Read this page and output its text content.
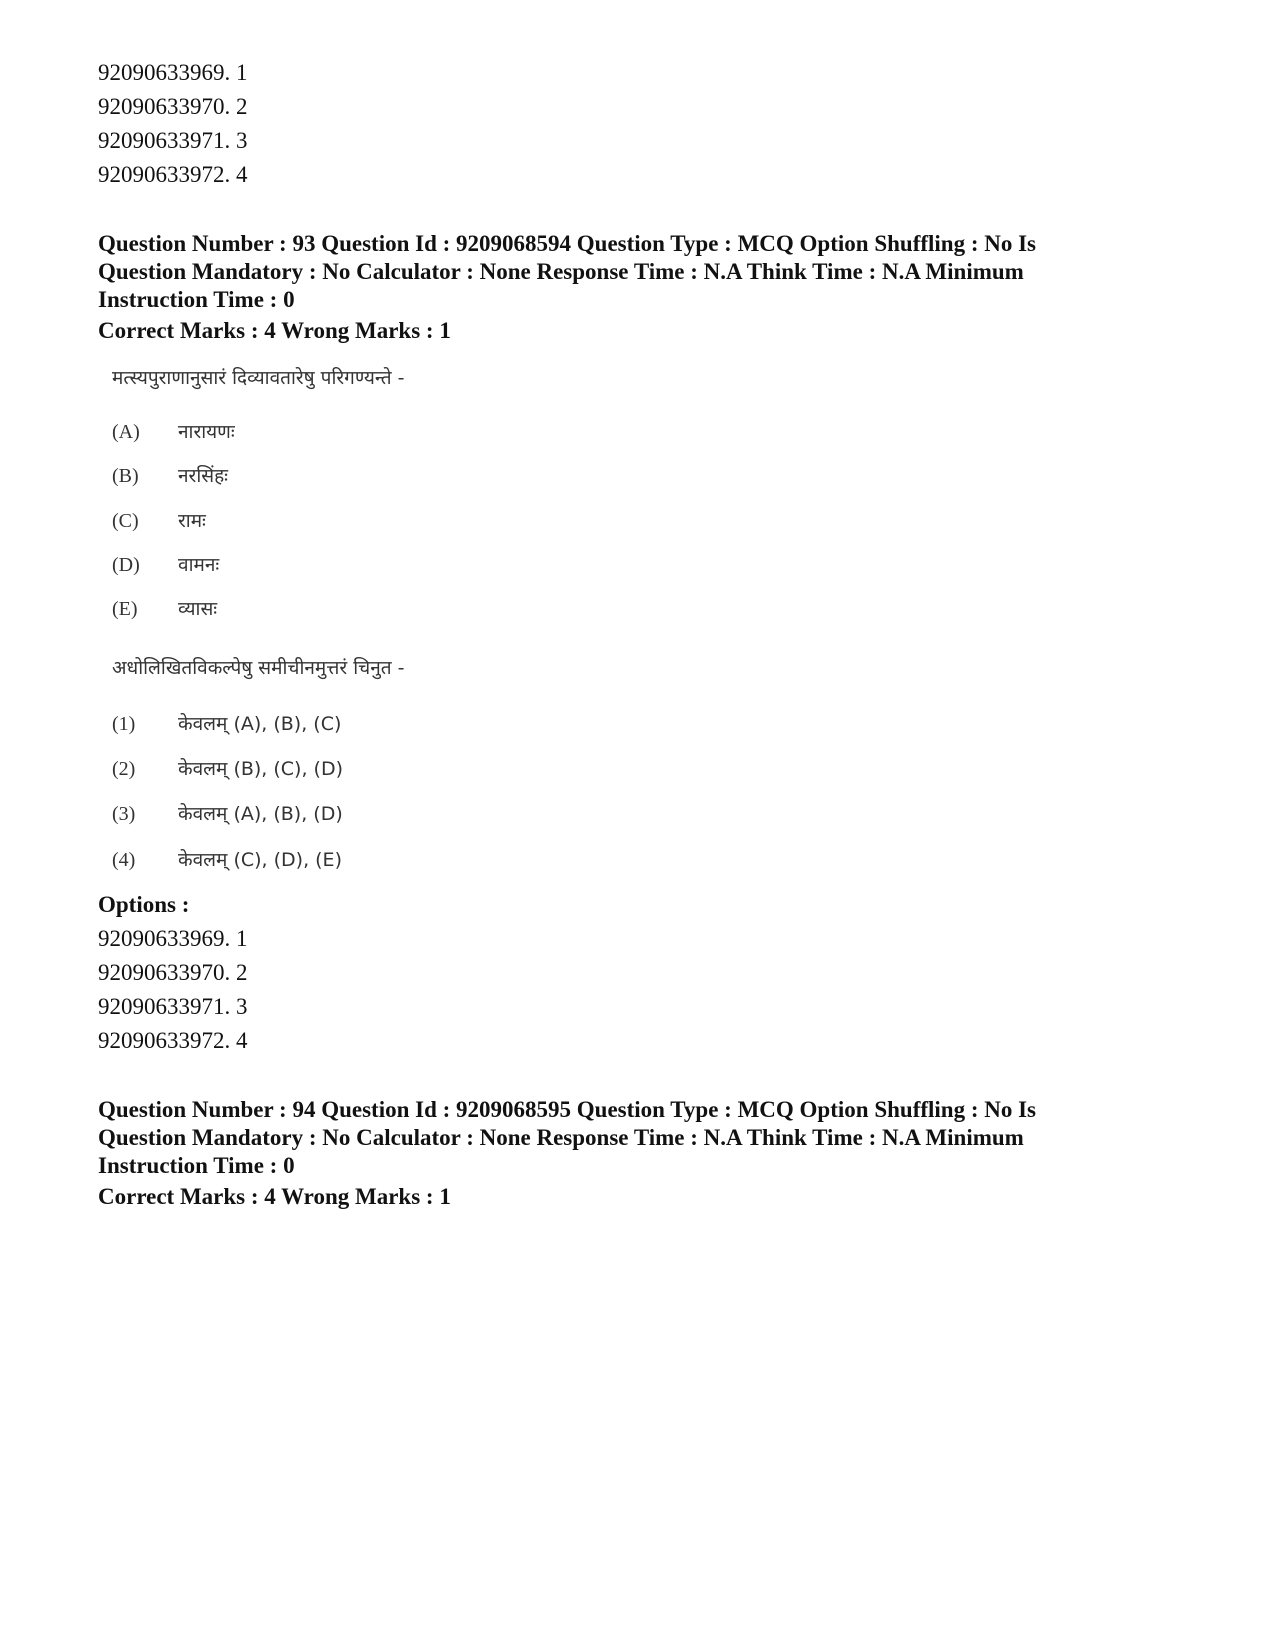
92090633969. 1
92090633970. 2
92090633971. 3
92090633972. 4
Question Number : 93 Question Id : 9209068594 Question Type : MCQ Option Shuffling : No Is
Question Mandatory : No Calculator : None Response Time : N.A Think Time : N.A Minimum
Instruction Time : 0
Correct Marks : 4 Wrong Marks : 1
मत्स्यपुराणानुसारं दिव्यावतारेषु परिगण्यन्ते -
(A) नारायणः
(B) नरसिंहः
(C) रामः
(D) वामनः
(E) व्यासः
अधोलिखितविकल्पेषु समीचीनमुत्तरं चिनुत -
(1) केवलम् (A), (B), (C)
(2) केवलम् (B), (C), (D)
(3) केवलम् (A), (B), (D)
(4) केवलम् (C), (D), (E)
Options :
92090633969. 1
92090633970. 2
92090633971. 3
92090633972. 4
Question Number : 94 Question Id : 9209068595 Question Type : MCQ Option Shuffling : No Is
Question Mandatory : No Calculator : None Response Time : N.A Think Time : N.A Minimum
Instruction Time : 0
Correct Marks : 4 Wrong Marks : 1
